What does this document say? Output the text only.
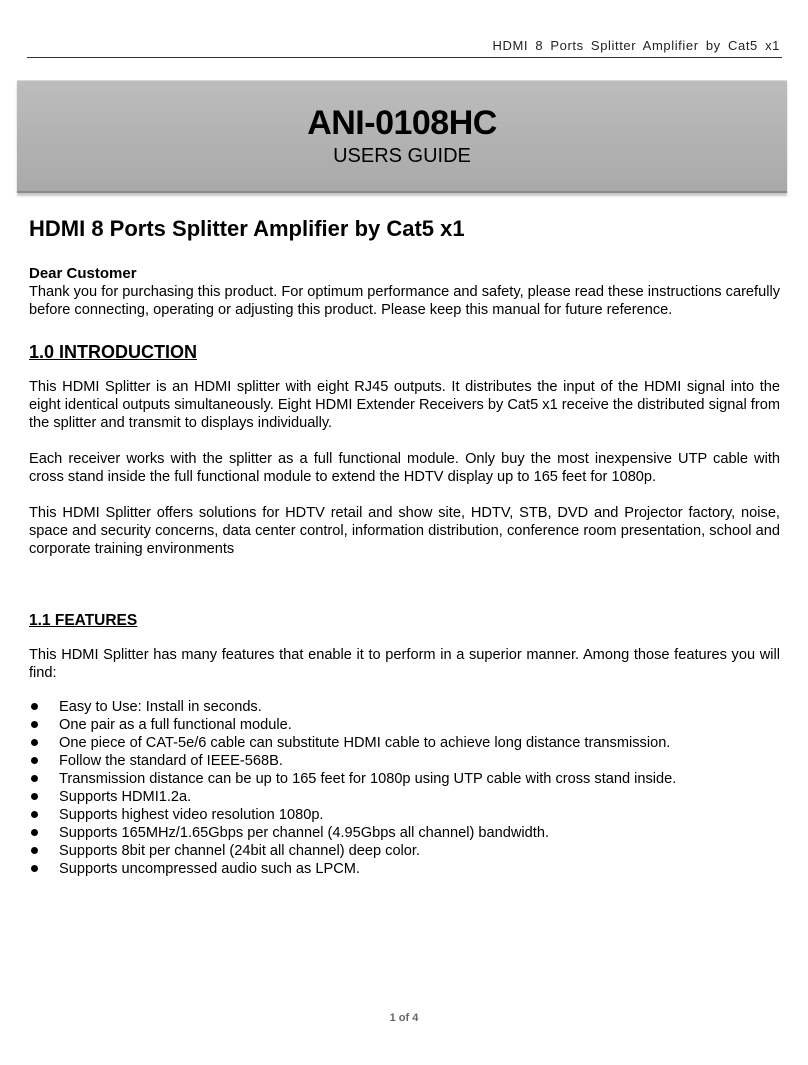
HDMI 8 Ports Splitter Amplifier by Cat5 x1
ANI-0108HC
USERS GUIDE
HDMI 8 Ports Splitter Amplifier by Cat5 x1

Dear Customer

Thank you for purchasing this product. For optimum performance and safety, please read these instructions carefully before connecting, operating or adjusting this product. Please keep this manual for future reference.

1.0 INTRODUCTION

This HDMI Splitter is an HDMI splitter with eight RJ45 outputs. It distributes the input of the HDMI signal into the eight identical outputs simultaneously. Eight HDMI Extender Receivers by Cat5 x1 receive the distributed signal from the splitter and transmit to displays individually.

Each receiver works with the splitter as a full functional module. Only buy the most inexpensive UTP cable with cross stand inside the full functional module to extend the HDTV display up to 165 feet for 1080p.

This HDMI Splitter offers solutions for HDTV retail and show site, HDTV, STB, DVD and Projector factory, noise, space and security concerns, data center control, information distribution, conference room presentation, school and corporate training environments

1.1 FEATURES

This HDMI Splitter has many features that enable it to perform in a superior manner. Among those features you will find:

Easy to Use: Install in seconds.
One pair as a full functional module.
One piece of CAT-5e/6 cable can substitute HDMI cable to achieve long distance transmission.
Follow the standard of IEEE-568B.
Transmission distance can be up to 165 feet for 1080p using UTP cable with cross stand inside.
Supports HDMI1.2a.
Supports highest video resolution 1080p.
Supports 165MHz/1.65Gbps per channel (4.95Gbps all channel) bandwidth.
Supports 8bit per channel (24bit all channel) deep color.
Supports uncompressed audio such as LPCM.
1 of 4
